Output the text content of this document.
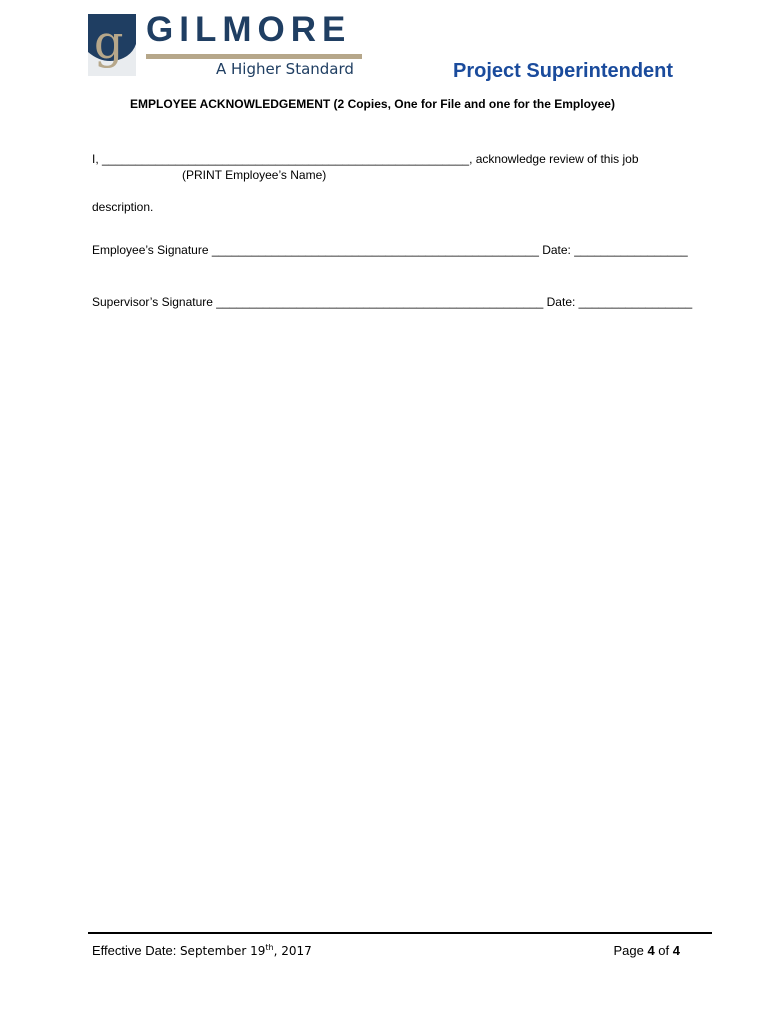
g GILMORE
A Higher Standard	Project Superintendent
EMPLOYEE ACKNOWLEDGEMENT (2 Copies, One for File and one for the Employee)
I, _______________________________________________________, acknowledge review of this job
(PRINT Employee’s Name)
description.
Employee’s Signature _________________________________________________ Date: _________________
Supervisor’s Signature _________________________________________________ Date: _________________
Effective Date: September 19th, 2017	Page 4 of 4
